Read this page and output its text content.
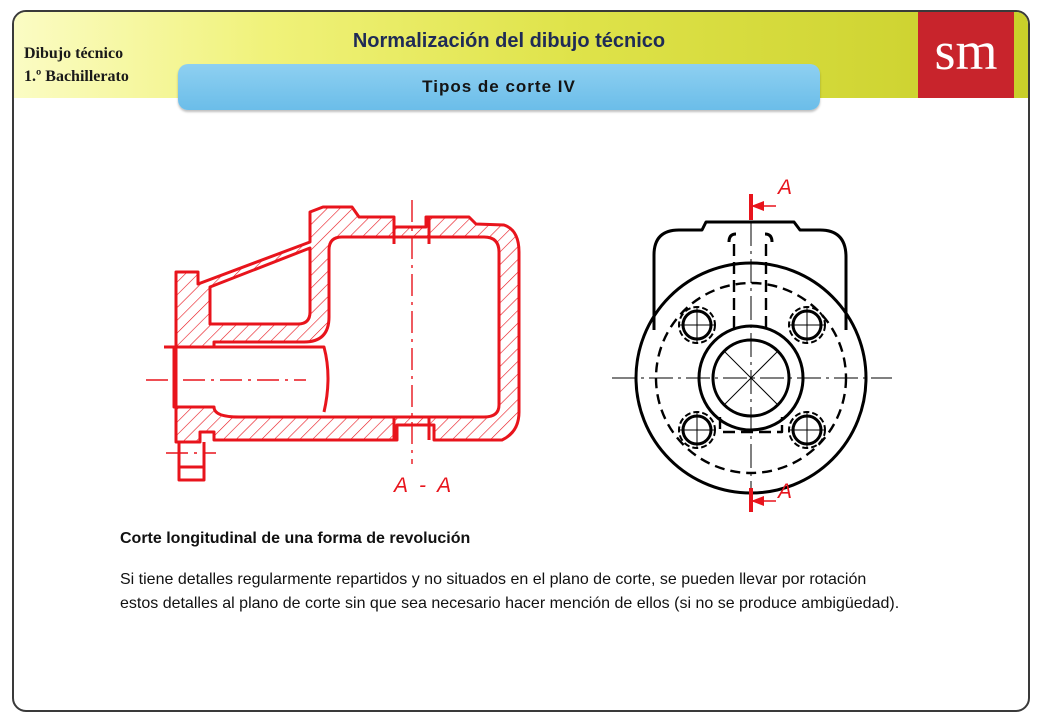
Dibujo técnico
1.º Bachillerato
Normalización del dibujo técnico	sm
Tipos de corte IV
A - A
A
A
Corte longitudinal de una forma de revolución
Si tiene detalles regularmente repartidos y no situados en el plano de corte, se pueden llevar por rotación estos detalles al plano de corte sin que sea necesario hacer mención de ellos (si no se produce ambigüedad).
